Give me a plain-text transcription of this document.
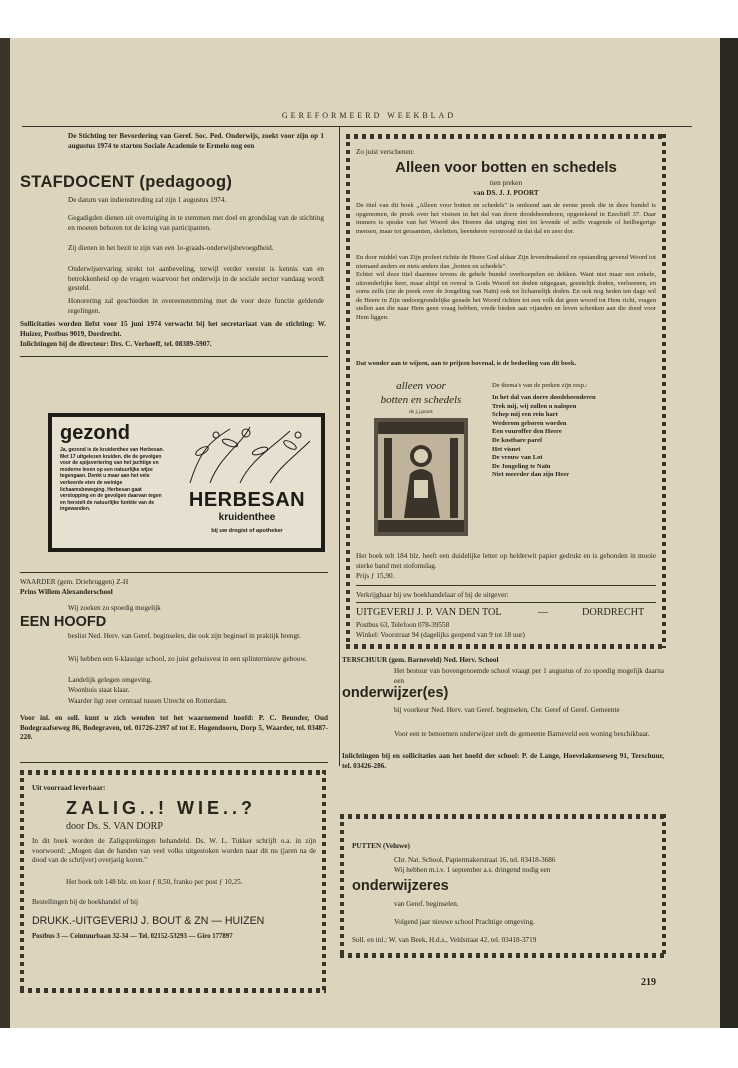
GEREFORMEERD WEEKBLAD
De Stichting ter Bevordering van Geref. Soc. Ped. Onderwijs, zoekt voor zijn op 1 augustus 1974 te starten Sociale Academie te Ermelo nog een
STAFDOCENT (pedagoog)
De datum van indiensttreding zal zijn 1 augustus 1974.
Gegadigden dienen uit overtuiging in te stemmen met doel en grondslag van de stichting en moeten behoren tot de kring van participanten.
Zij dienen in het bezit te zijn van een 1e-graads-onderwijsbevoegdheid.
Onderwijservaring strekt tot aanbeveling, terwijl verder vereist is kennis van en betrokkenheid op de vragen waarvoor het onderwijs in de sociale sector vandaag wordt gesteld.
Honorering zal geschieden in overeenstemming met de voor deze functie geldende regelingen.
Sollicitaties worden liefst voor 15 juni 1974 verwacht bij het secretariaat van de stichting: W. Huizer, Postbus 9019, Dordrecht.
Inlichtingen bij de directeur: Drs. C. Verhoeff, tel. 08389-5907.
gezond
Ja, gezond is de kruidenthee van Herbesan. Met 17 uitgelezen kruiden, die de gevolgen voor de spijsvertering van het jachtige en moderne leven op een natuurlijke wijze tegengaan. Denkt u maar aan het vele verkeerde eten de weinige lichaamsbeweging. Herbesan gaat verstopping en de gevolgen daarvan tegen en herstelt de natuurlijke funktie van de ingewanden.	HERBESAN
kruidenthee
bij uw drogist of apotheker
WAARDER (gem. Driebruggen) Z-H
Prins Willem Alexanderschool
Wij zoeken zo spoedig mogelijk
EEN HOOFD
beslist Ned. Herv. van Geref. beginselen, die ook zijn beginsel in praktijk brengt.
Wij hebben een 6-klassige school, zo juist gehuisvest in een splinternieuw gebouw.
Landelijk gelegen omgeving.
Woonhuis staat klaar.
Waarder ligt zeer centraal tussen Utrecht en Rotterdam.
Voor inl. en soll. kunt u zich wenden tot het waarnemend hoofd: P. C. Beunder, Oud Bodegraafseweg 86, Bodegraven, tel. 01726-2397 of tot E. Hogendoorn, Dorp 5, Waarder, tel. 03487-220.
Uit voorraad leverbaar:
ZALIG..! WIE..?
door Ds. S. VAN DORP
In dit boek worden de Zaligsprekingen behandeld. Ds. W. L. Tukker schrijft o.a. in zijn voorwoord: „Mogen dan de handen van veel volks uitgestoken worden naar dit nu (jaren na de dood van de schrijver) overjarig koren."
Het boek telt 148 blz. en kost ƒ 8,50, franko per post ƒ 10,25.
Bestellingen bij de boekhandel of bij
DRUKK.-UITGEVERIJ J. BOUT & ZN — HUIZEN
Postbus 3 — Ceintuurbaan 32-34 — Tel. 02152-53293 — Giro 177897
Zo juist verschenen:
Alleen voor botten en schedels
tien preken
van DS. J. J. POORT
De titel van dit boek „Alleen voor botten en schedels" is ontleend aan de eerste preek die in deze bundel is opgenomen, de preek over het visioen in het dal van dorre doodsbeenderen, opgetekend in Ezechiël 37. Daar immers is sprake van het Woord des Heeren dat uitging niet tot levende of zelfs vragende of heilbegerige mensen, maar tot geraamten, skeletten, beenderen verstrooid in dat dal en zeer dor.
En door middel van Zijn profeet richtte de Heere God aldaar Zijn levendmakend en opstanding gevend Woord tot niemand anders en niets anders dan „botten en schedels".
Echter wil deze titel daarmee tevens de gehele bundel overkoepelen en dekken. Want niet maar een enkele, uitzonderlijke keer, maar altijd en overal is Gods Woord tot doden uitgegaan, geestelijk doden, verlorenen, en soms zelfs (zie de preek over de Jongeling van Naïn) ook tot lichamelijk doden. En ook nog heden ten dage wil de Heere in Zijn ondoorgrondelijke genade het Woord richten tot een volk dat geen woord tot Hem richt, vragen stellen aan die naar Hem geen vraag hebben, vrede bieden aan vijanden en leven schenken aan die dood voor Hem liggen.
Dat wonder aan te wijzen, aan te prijzen bovenal, is de bedoeling van dit boek.
alleen voor
botten en schedels
ds j.j.poort
De thema's van de preken zijn resp.:
In het dal van dorre doodsbeenderen
Trek mij, wij zullen u nalopen
Schep mij een rein hart
Wederom geboren worden
Een vuuroffer den Heere
De kostbare parel
Het visnet
De vrouw van Lot
De Jongeling te Naïn
Niet meerder dan zijn Heer
Het boek telt 184 blz. heeft een duidelijke letter op helderwit papier gedrukt en is gebonden in mooie sterke band met stofomslag.
Prijs ƒ 15,90.
Verkrijgbaar bij uw boekhandelaar of bij de uitgever:
UITGEVERIJ J. P. VAN DEN TOL	—	DORDRECHT
Postbus 63, Telefoon 078-39558
Winkel: Voorstraat 94 (dagelijks geopend van 9 tot 18 uur)
TERSCHUUR (gem. Barneveld) Ned. Herv. School
Het bestuur van bovengenoemde school vraagt per 1 augustus of zo spoedig mogelijk daarna een
onderwijzer(es)
bij voorkeur Ned. Herv. van Geref. beginselen, Chr. Geref of Geref. Gemeente
Voor een te benoemen onderwijzer stelt de gemeente Barneveld een woning beschikbaar.
Inlichtingen bij en sollicitaties aan het hoofd der school: P. de Lange, Hoevelakenseweg 91, Terschuur, tel. 03426-286.
PUTTEN (Veluwe)
Chr. Nat. School, Papiermakerstraat 16, tel. 03418-3686
Wij hebben m.i.v. 1 september a.s. dringend nodig een
onderwijzeres
van Geref. beginselen.
Volgend jaar nieuwe school Prachtige omgeving.
Soll. en inl.: W. van Beek, H.d.s., Veldstraat 42, tel. 03418-3719
219
